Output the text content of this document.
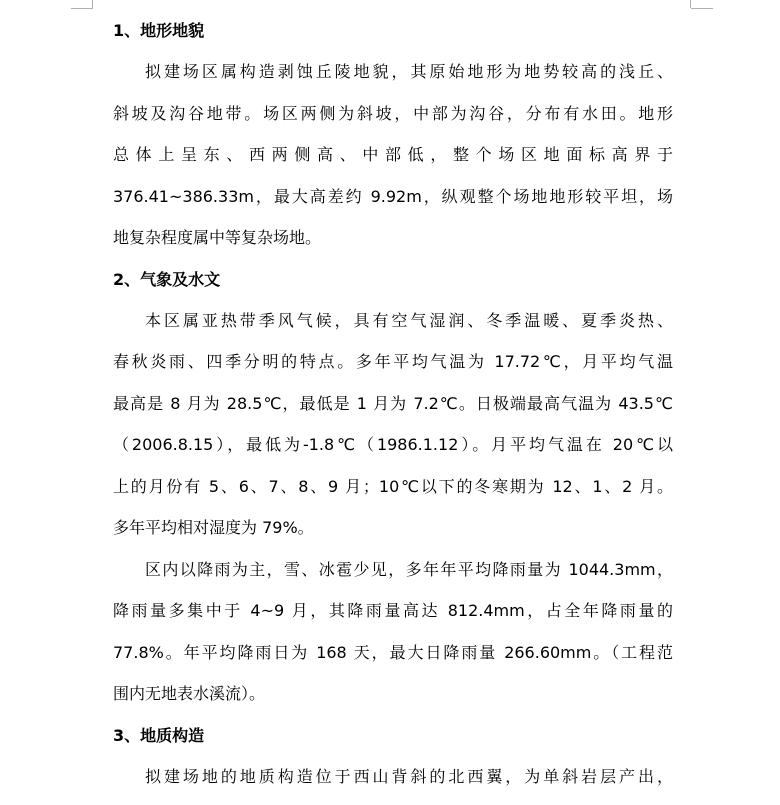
1、地形地貌
拟建场区属构造剥蚀丘陵地貌，其原始地形为地势较高的浅丘、
斜坡及沟谷地带。场区两侧为斜坡，中部为沟谷，分布有水田。地形
总体上呈东、西两侧高、中部低，整个场区地面标高界于
376.41~386.33m，最大高差约 9.92m，纵观整个场地地形较平坦，场
地复杂程度属中等复杂场地。
2、气象及水文
本区属亚热带季风气候，具有空气湿润、冬季温暖、夏季炎热、
春秋炎雨、四季分明的特点。多年平均气温为 17.72℃，月平均气温
最高是 8 月为 28.5℃，最低是 1 月为 7.2℃。日极端最高气温为 43.5℃
（2006.8.15），最低为-1.8℃（1986.1.12）。月平均气温在 20℃以
上的月份有 5、6、7、8、9 月；10℃以下的冬寒期为 12、1、2 月。
多年平均相对湿度为 79%。
区内以降雨为主，雪、冰雹少见，多年年平均降雨量为 1044.3mm，
降雨量多集中于 4~9 月，其降雨量高达 812.4mm，占全年降雨量的
77.8%。年平均降雨日为 168 天，最大日降雨量 266.60mm。（工程范
围内无地表水溪流）。
3、地质构造
拟建场地的地质构造位于西山背斜的北西翼，为单斜岩层产出，
